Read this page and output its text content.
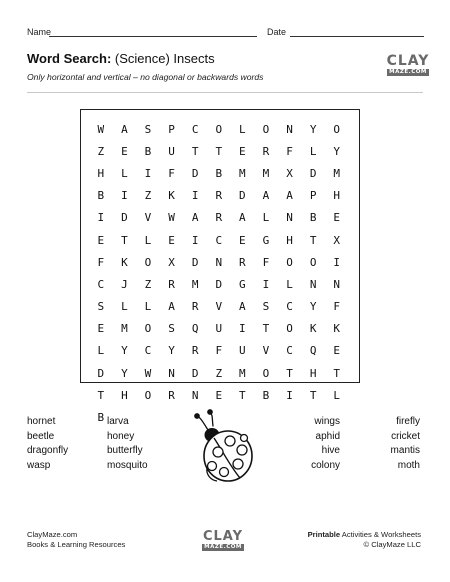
Name	Date
Word Search: (Science) Insects
Only horizontal and vertical – no diagonal or backwards words
CLAY
MAZE.COM
W	A	S	P	C	O	L	O	N	Y	O
Z	E	B	U	T	T	E	R	F	L	Y
H	L	I	F	D	B	M	M	X	D	M
B	I	Z	K	I	R	D	A	A	P	H
I	D	V	W	A	R	A	L	N	B	E
E	T	L	E	I	C	E	G	H	T	X
F	K	O	X	D	N	R	F	O	O	I
C	J	Z	R	M	D	G	I	L	N	N
S	L	L	A	R	V	A	S	C	Y	F
E	M	O	S	Q	U	I	T	O	K	K
L	Y	C	Y	R	F	U	V	C	Q	E
D	Y	W	N	D	Z	M	O	T	H	T
T	H	O	R	N	E	T	B	I	T	L
B
hornet
beetle
dragonfly
wasp
larva
honey
butterfly
mosquito
wings
aphid
hive
colony
firefly
cricket
mantis
moth
ClayMaze.com
Books & Learning Resources
CLAY
MAZE.COM
Printable Activities & Worksheets
© ClayMaze LLC
